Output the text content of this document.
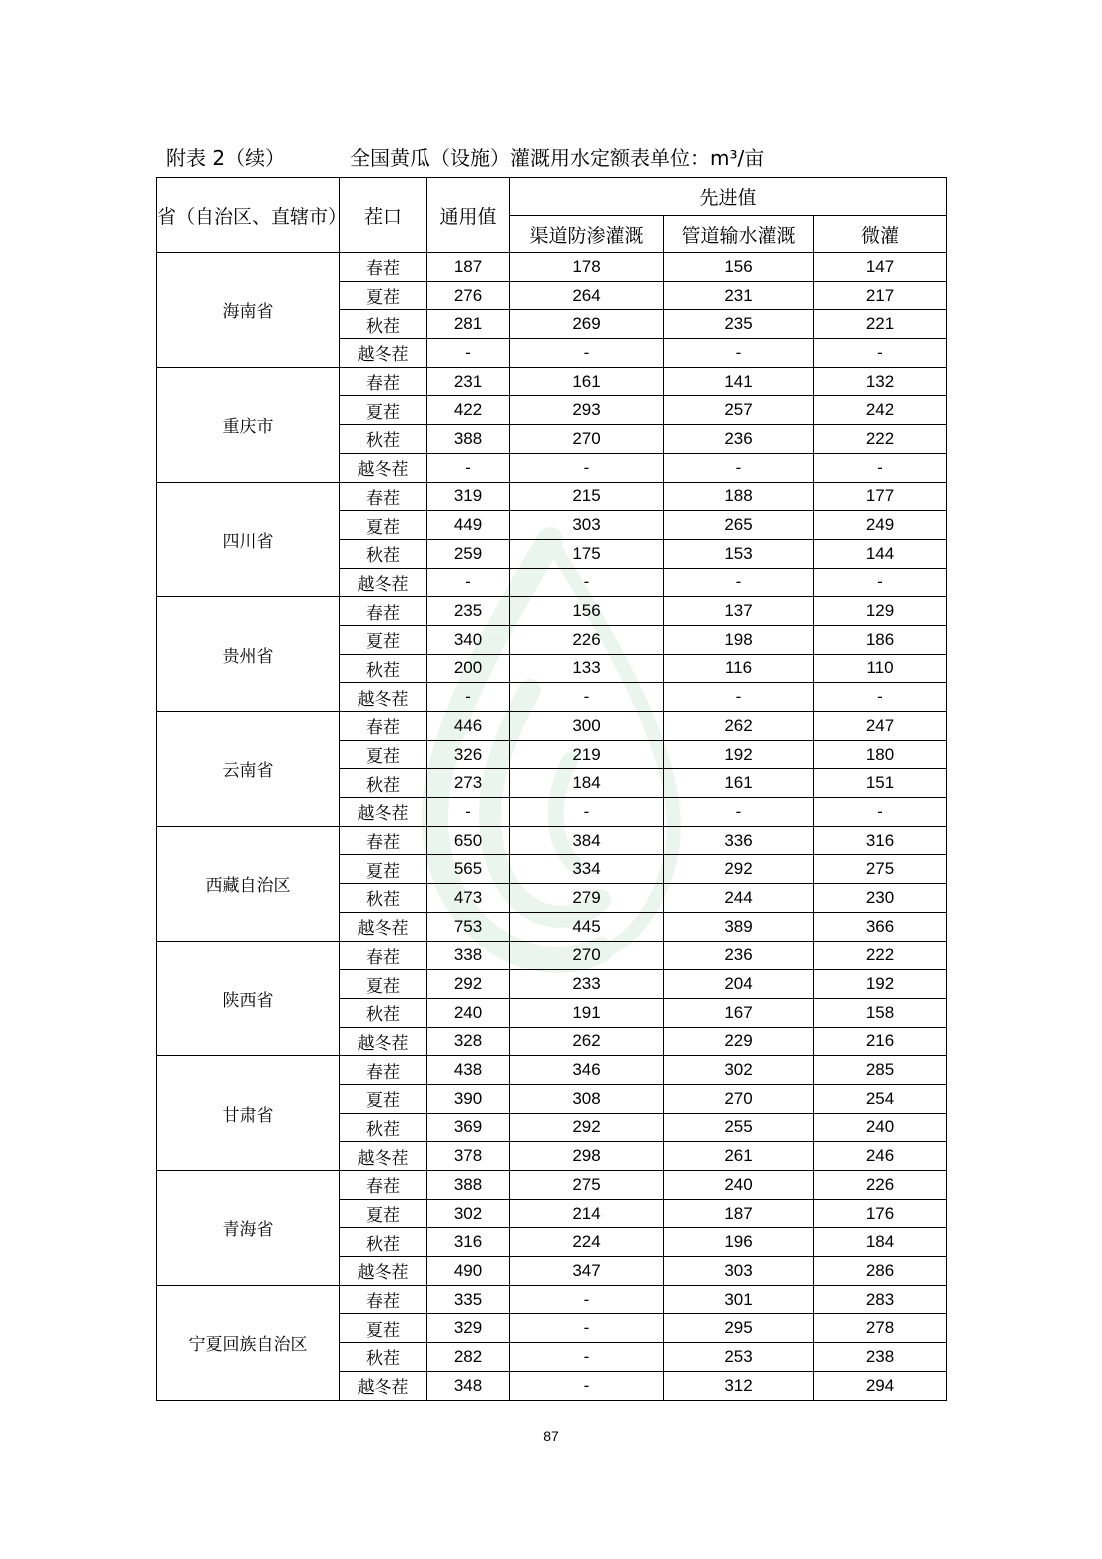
附表 2（续）	全国黄瓜（设施）灌溉用水定额表单位：m³/亩
省（自治区、直辖市）	茬口	通用值	先进值		
			渠道防渗灌溉	管道输水灌溉	微灌
海南省	春茬	187	178	156	147
	夏茬	276	264	231	217
	秋茬	281	269	235	221
	越冬茬	-	-	-	-
重庆市	春茬	231	161	141	132
	夏茬	422	293	257	242
	秋茬	388	270	236	222
	越冬茬	-	-	-	-
四川省	春茬	319	215	188	177
	夏茬	449	303	265	249
	秋茬	259	175	153	144
	越冬茬	-	-	-	-
贵州省	春茬	235	156	137	129
	夏茬	340	226	198	186
	秋茬	200	133	116	110
	越冬茬	-	-	-	-
云南省	春茬	446	300	262	247
	夏茬	326	219	192	180
	秋茬	273	184	161	151
	越冬茬	-	-	-	-
西藏自治区	春茬	650	384	336	316
	夏茬	565	334	292	275
	秋茬	473	279	244	230
	越冬茬	753	445	389	366
陕西省	春茬	338	270	236	222
	夏茬	292	233	204	192
	秋茬	240	191	167	158
	越冬茬	328	262	229	216
甘肃省	春茬	438	346	302	285
	夏茬	390	308	270	254
	秋茬	369	292	255	240
	越冬茬	378	298	261	246
青海省	春茬	388	275	240	226
	夏茬	302	214	187	176
	秋茬	316	224	196	184
	越冬茬	490	347	303	286
宁夏回族自治区	春茬	335	-	301	283
	夏茬	329	-	295	278
	秋茬	282	-	253	238
	越冬茬	348	-	312	294
87
